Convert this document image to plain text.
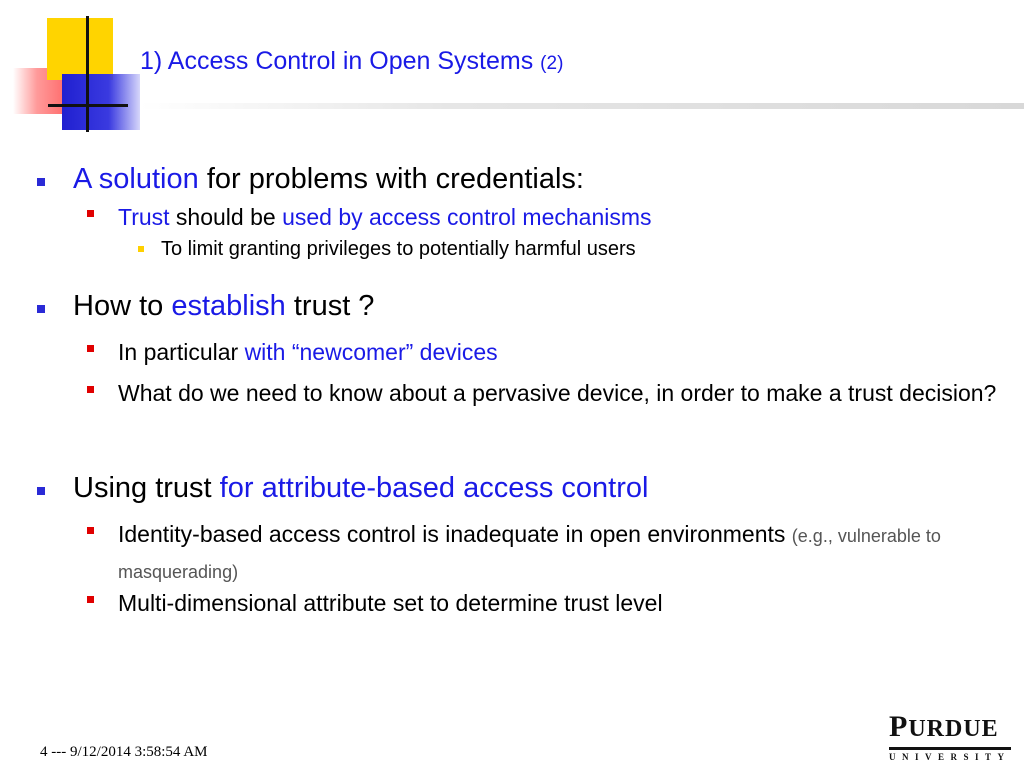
1) Access Control in Open Systems (2)
A solution for problems with credentials:
Trust should be used by access control mechanisms
To limit granting privileges to potentially harmful users
How to establish trust ?
In particular with “newcomer” devices
What do we need to know about a pervasive device, in order to make a trust decision?
Using trust for attribute-based access control
Identity-based access control is inadequate in open environments (e.g., vulnerable to masquerading)
Multi-dimensional attribute set to determine trust level
4 --- 9/12/2014 3:58:54 AM
PURDUE
UNIVERSITY
